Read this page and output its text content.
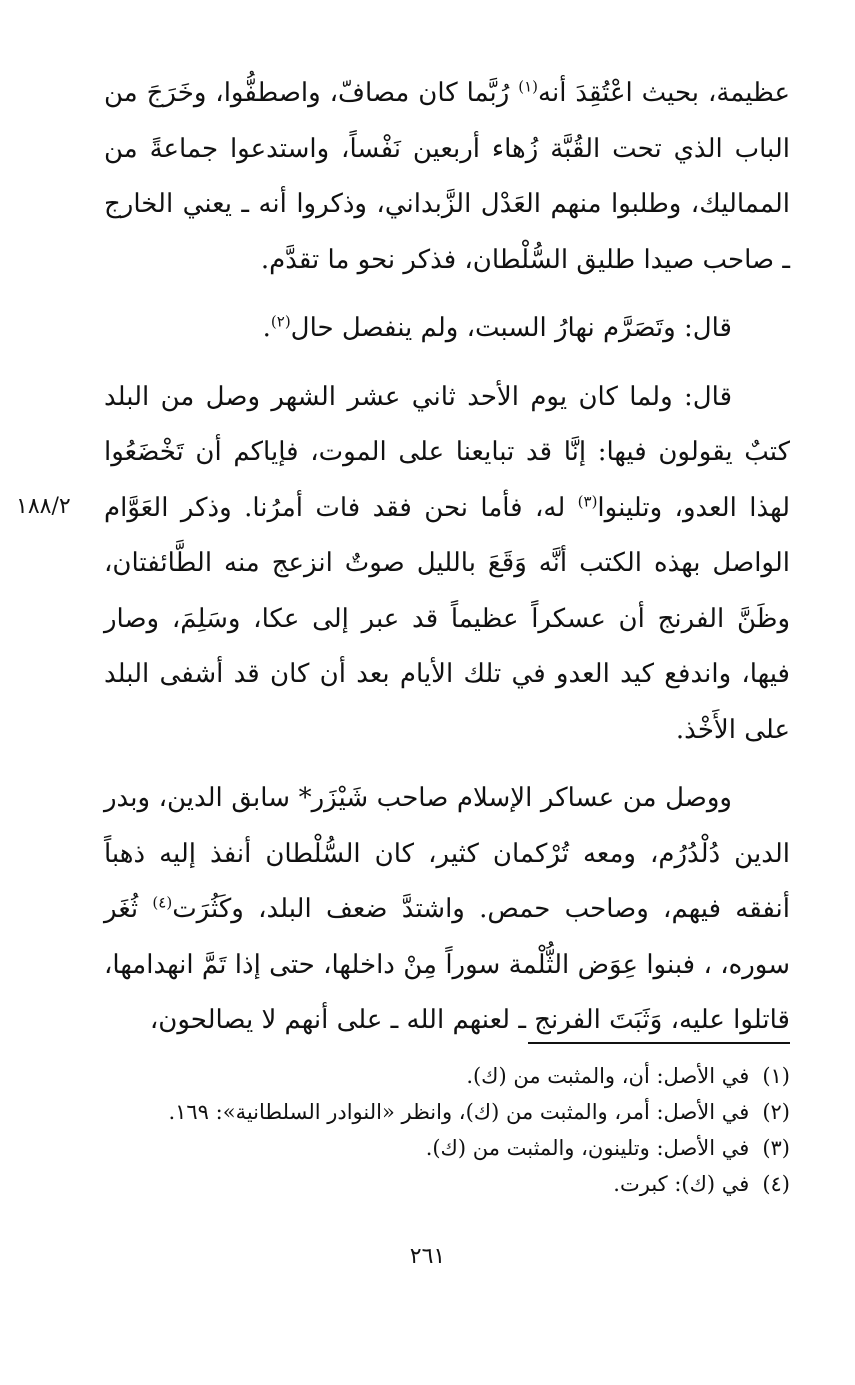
عظيمة، بحيث اعْتُقِدَ أنه$^{(١)}$ رُبَّما كان مصافّ، واصطفُّوا، وخَرَجَ من الباب الذي تحت القُبَّة زُهاء أربعين نَفْساً، واستدعوا جماعةً من المماليك، وطلبوا منهم العَدْل الزَّبداني، وذكروا أنه ـ يعني الخارج ـ صاحب صيدا طليق السُّلْطان، فذكر نحو ما تقدَّم.

قال: وتَصَرَّم نهارُ السبت، ولم ينفصل حال$^{(٢)}$.

قال: ولما كان يوم الأحد ثاني عشر الشهر وصل من البلد كتبٌ يقولون فيها: إنَّا قد تبايعنا على الموت، فإياكم أن تَخْضَعُوا لهذا العدو، وتلينوا$^{(٣)}$ له، فأما نحن فقد فات أمرُنا. وذكر العَوَّام الواصل بهذه الكتب أنَّه وَقَعَ بالليل صوتٌ انزعج منه الطَّائفتان، وظَنَّ الفرنج أن عسكراً عظيماً قد عبر إلى عكا، وسَلِمَ، وصار فيها، واندفع كيد العدو في تلك الأيام بعد أن كان قد أشفى البلد على الأَخْذ.

ووصل من عساكر الإسلام صاحب شَيْزَر* سابق الدين، وبدر الدين دُلْدُرُم، ومعه تُرْكمان كثير، كان السُّلْطان أنفذ إليه ذهباً أنفقه فيهم، وصاحب حمص. واشتدَّ ضعف البلد، وكَثُرَت$^{(٤)}$ ثُغَر سوره، ، فبنوا عِوَض الثُّلْمة سوراً مِنْ داخلها، حتى إذا تَمَّ انهدامها، قاتلوا عليه، وَثَبَتَ الفرنج ـ لعنهم الله ـ على أنهم لا يصالحون،

١٨٨/٢

(١) في الأصل: أن، والمثبت من (ك).

(٢) في الأصل: أمر، والمثبت من (ك)، وانظر «النوادر السلطانية»: ١٦٩.

(٣) في الأصل: وتلينون، والمثبت من (ك).

(٤) في (ك): كبرت.

٢٦١
